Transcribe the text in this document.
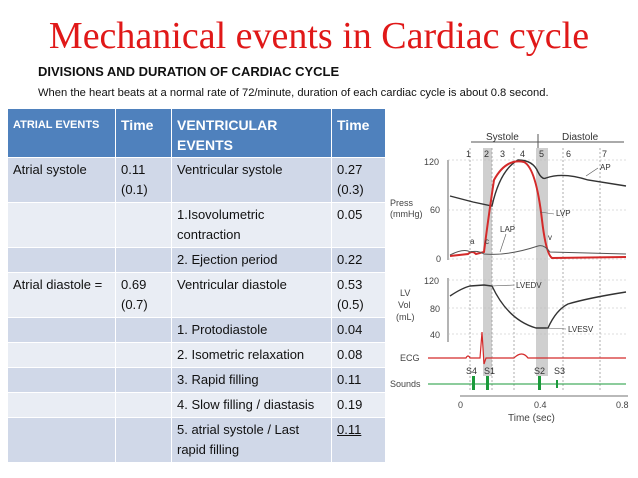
Mechanical events in Cardiac cycle
DIVISIONS AND DURATION OF CARDIAC CYCLE
When the heart beats at a normal rate of 72/minute, duration of each cardiac cycle is about 0.8 second.
ATRIAL EVENTS	Time	VENTRICULAR EVENTS	Time
Atrial systole	0.11 (0.1)	Ventricular systole	0.27 (0.3)
		1.Isovolumetric contraction	0.05
		2. Ejection period	0.22
Atrial diastole =	0.69 (0.7)	Ventricular diastole	0.53 (0.5)
		1. Protodiastole	0.04
		2. Isometric relaxation	0.08
		3. Rapid filling	0.11
		4. Slow filling / diastasis	0.19
		5. atrial systole / Last rapid filling	0.11
Systole	Diastole
1 2 3 4 5 6	7
Press
(mmHg)
120
60
0
AP
LVP
LAP
a c	v
LV
Vol
(mL)
120
80
40
LVEDV
LVESV
ECG
Sounds
S4 S1	S2 S3
0	0.4	0.8
Time (sec)
